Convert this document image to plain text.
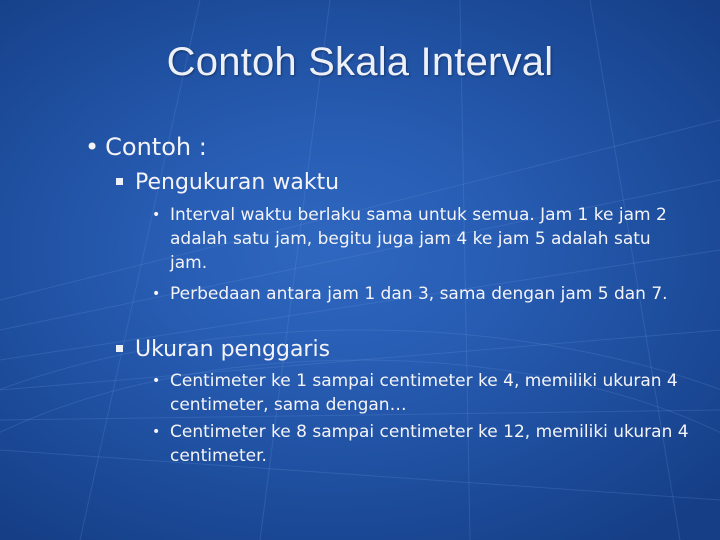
Contoh Skala Interval
• Contoh :
Pengukuran waktu
• Interval waktu berlaku sama untuk semua. Jam 1 ke jam 2 adalah satu jam, begitu juga jam 4 ke jam 5 adalah satu jam.
• Perbedaan antara jam 1 dan 3, sama dengan jam 5 dan 7.
Ukuran penggaris
• Centimeter ke 1 sampai centimeter ke 4, memiliki ukuran 4 centimeter, sama dengan…
• Centimeter ke 8 sampai centimeter ke 12, memiliki ukuran 4 centimeter.
